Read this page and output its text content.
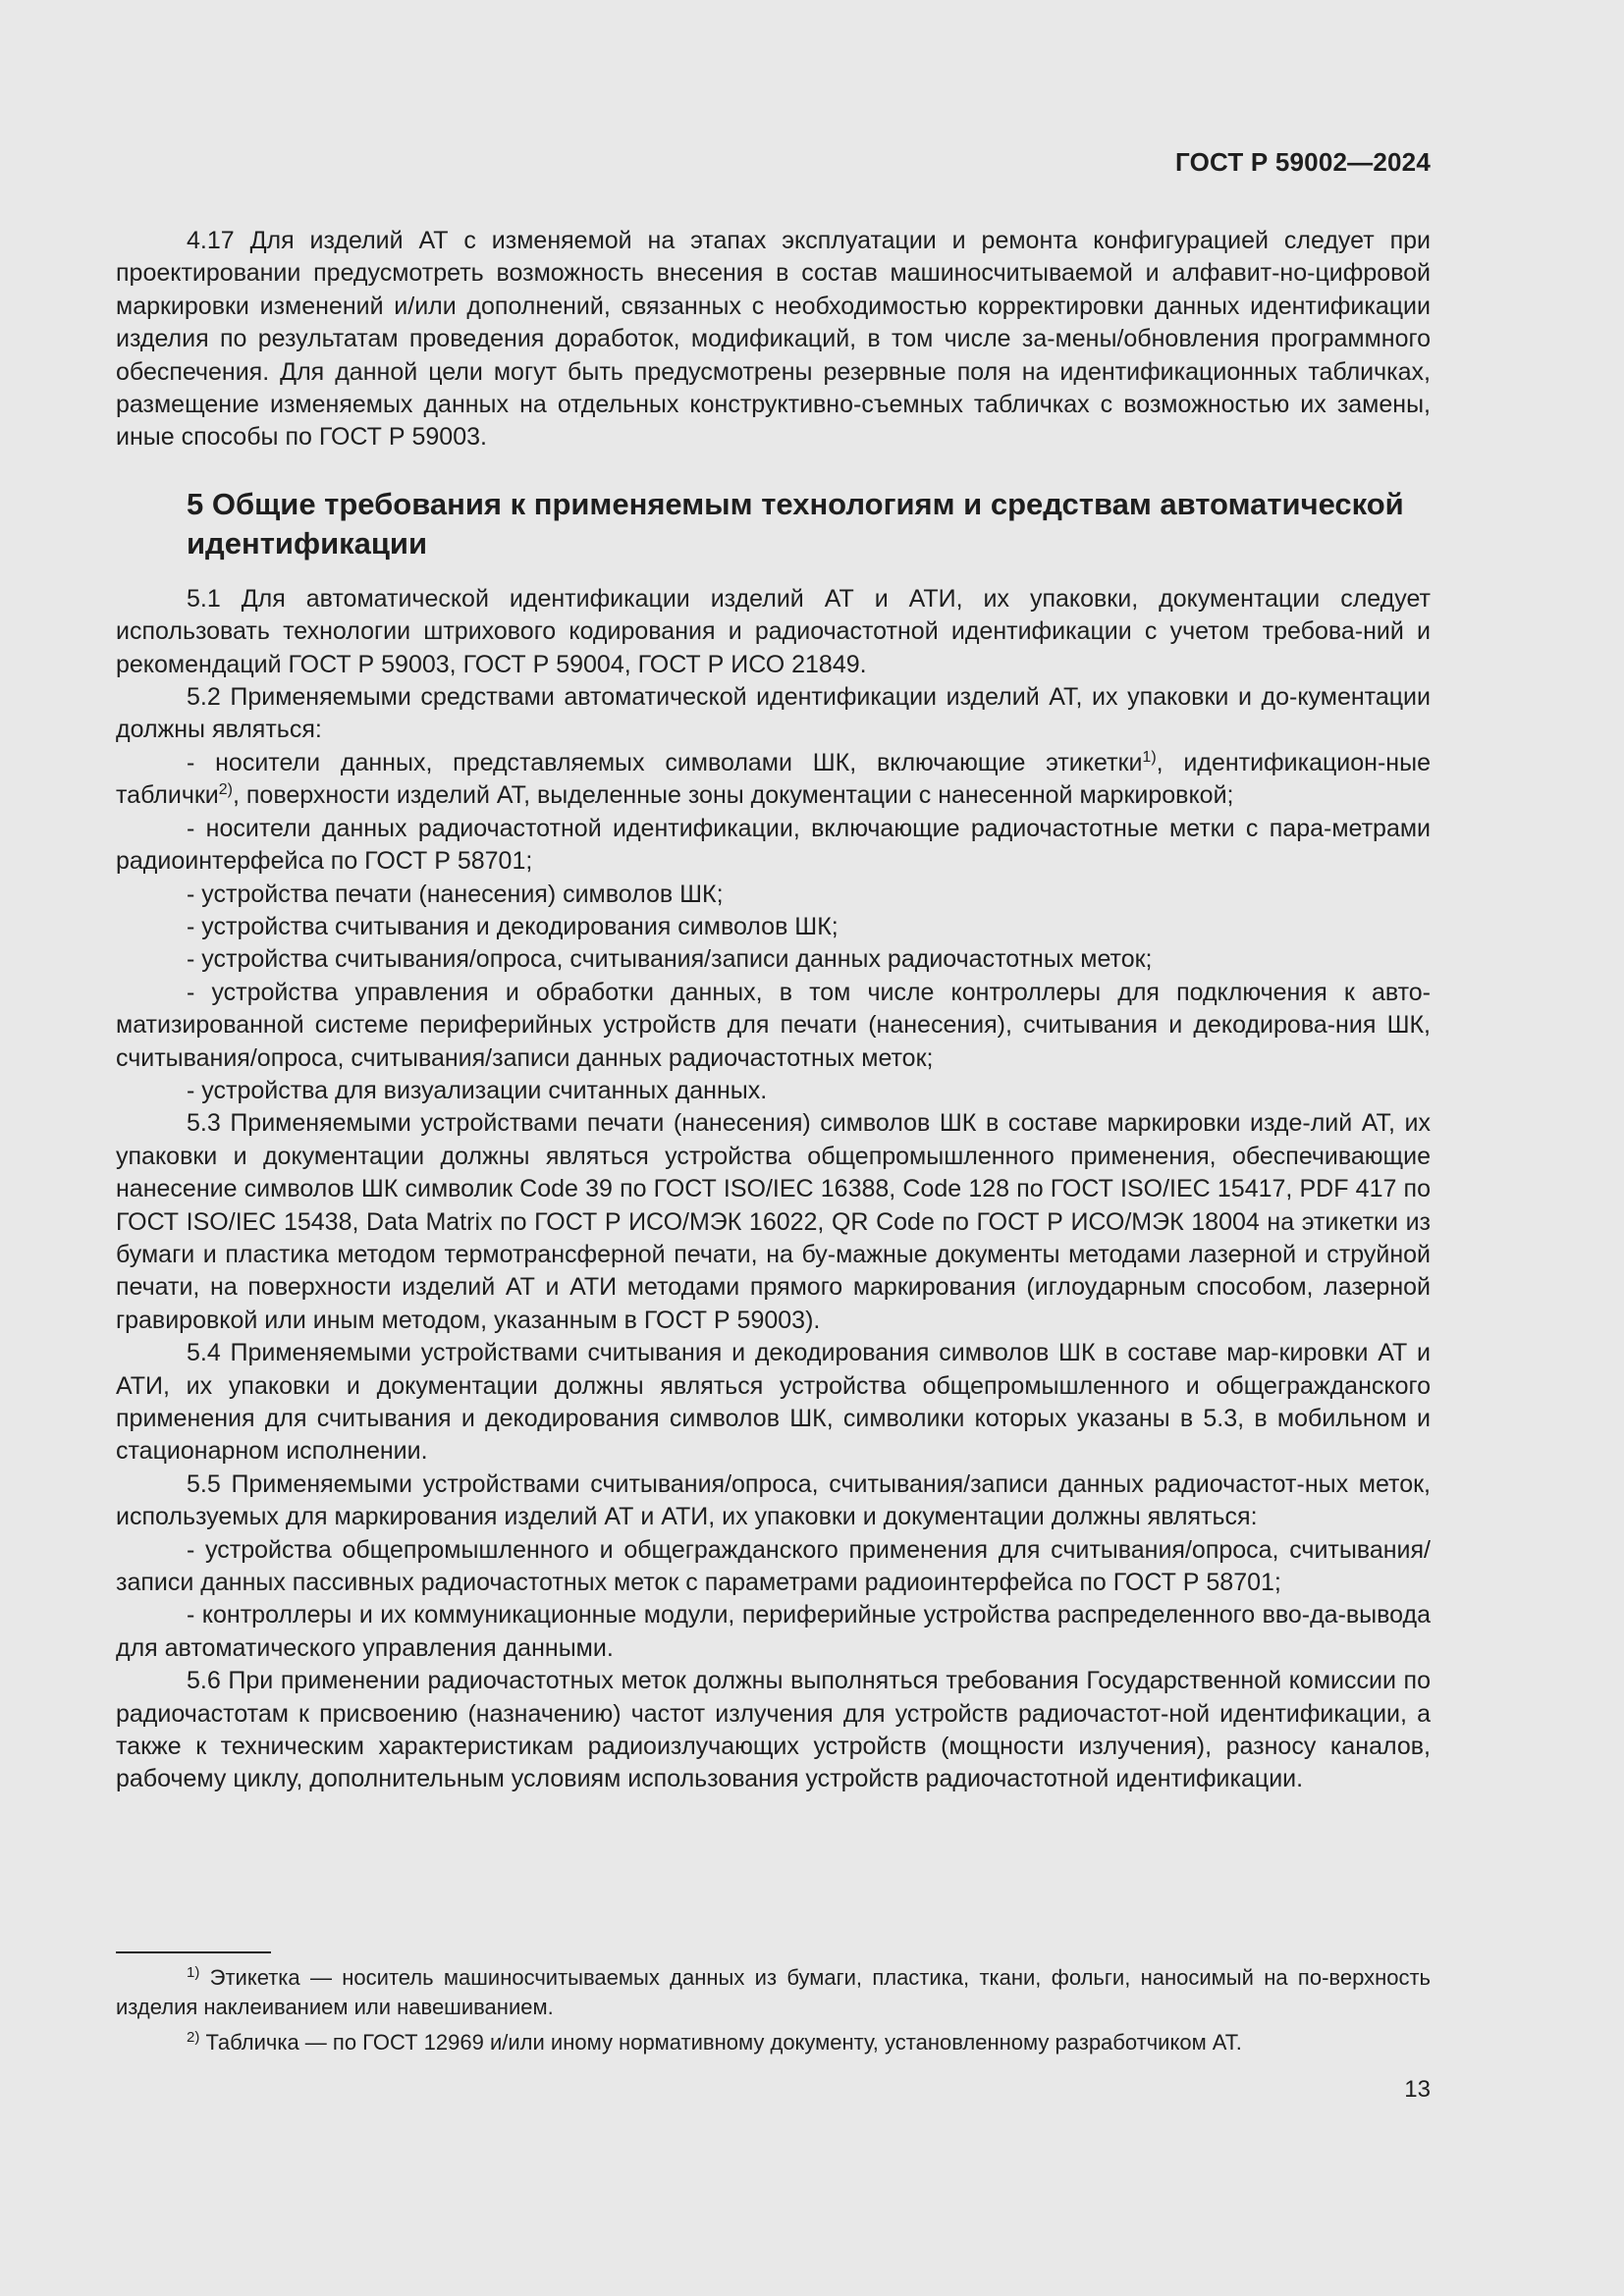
ГОСТ Р 59002—2024

4.17 Для изделий АТ с изменяемой на этапах эксплуатации и ремонта конфигурацией следует при проектировании предусмотреть возможность внесения в состав машиносчитываемой и алфавит-но-цифровой маркировки изменений и/или дополнений, связанных с необходимостью корректировки данных идентификации изделия по результатам проведения доработок, модификаций, в том числе за-мены/обновления программного обеспечения. Для данной цели могут быть предусмотрены резервные поля на идентификационных табличках, размещение изменяемых данных на отдельных конструктивно-съемных табличках с возможностью их замены, иные способы по ГОСТ Р 59003.

5 Общие требования к применяемым технологиям и средствам автоматической идентификации

5.1 Для автоматической идентификации изделий АТ и АТИ, их упаковки, документации следует использовать технологии штрихового кодирования и радиочастотной идентификации с учетом требова-ний и рекомендаций ГОСТ Р 59003, ГОСТ Р 59004, ГОСТ Р ИСО 21849.

5.2 Применяемыми средствами автоматической идентификации изделий АТ, их упаковки и до-кументации должны являться:

- носители данных, представляемых символами ШК, включающие этикетки$^{1)}$, идентификацион-ные таблички$^{2)}$, поверхности изделий АТ, выделенные зоны документации с нанесенной маркировкой;

- носители данных радиочастотной идентификации, включающие радиочастотные метки с пара-метрами радиоинтерфейса по ГОСТ Р 58701;

- устройства печати (нанесения) символов ШК;

- устройства считывания и декодирования символов ШК;

- устройства считывания/опроса, считывания/записи данных радиочастотных меток;

- устройства управления и обработки данных, в том числе контроллеры для подключения к авто-матизированной системе периферийных устройств для печати (нанесения), считывания и декодирова-ния ШК, считывания/опроса, считывания/записи данных радиочастотных меток;

- устройства для визуализации считанных данных.

5.3 Применяемыми устройствами печати (нанесения) символов ШК в составе маркировки изде-лий АТ, их упаковки и документации должны являться устройства общепромышленного применения, обеспечивающие нанесение символов ШК символик Code 39 по ГОСТ ISO/IEC 16388, Code 128 по ГОСТ ISO/IEC 15417, PDF 417 по ГОСТ ISO/IEC 15438, Data Matrix по ГОСТ Р ИСО/МЭК 16022, QR Code по ГОСТ Р ИСО/МЭК 18004 на этикетки из бумаги и пластика методом термотрансферной печати, на бу-мажные документы методами лазерной и струйной печати, на поверхности изделий АТ и АТИ методами прямого маркирования (иглоударным способом, лазерной гравировкой или иным методом, указанным в ГОСТ Р 59003).

5.4 Применяемыми устройствами считывания и декодирования символов ШК в составе мар-кировки АТ и АТИ, их упаковки и документации должны являться устройства общепромышленного и общегражданского применения для считывания и декодирования символов ШК, символики которых указаны в 5.3, в мобильном и стационарном исполнении.

5.5 Применяемыми устройствами считывания/опроса, считывания/записи данных радиочастот-ных меток, используемых для маркирования изделий АТ и АТИ, их упаковки и документации должны являться:

- устройства общепромышленного и общегражданского применения для считывания/опроса, считывания/записи данных пассивных радиочастотных меток с параметрами радиоинтерфейса по ГОСТ Р 58701;

- контроллеры и их коммуникационные модули, периферийные устройства распределенного вво-да-вывода для автоматического управления данными.

5.6 При применении радиочастотных меток должны выполняться требования Государственной комиссии по радиочастотам к присвоению (назначению) частот излучения для устройств радиочастот-ной идентификации, а также к техническим характеристикам радиоизлучающих устройств (мощности излучения), разносу каналов, рабочему циклу, дополнительным условиям использования устройств радиочастотной идентификации.

$^{1)}$ Этикетка — носитель машиносчитываемых данных из бумаги, пластика, ткани, фольги, наносимый на по-верхность изделия наклеиванием или навешиванием.

$^{2)}$ Табличка — по ГОСТ 12969 и/или иному нормативному документу, установленному разработчиком АТ.

13
